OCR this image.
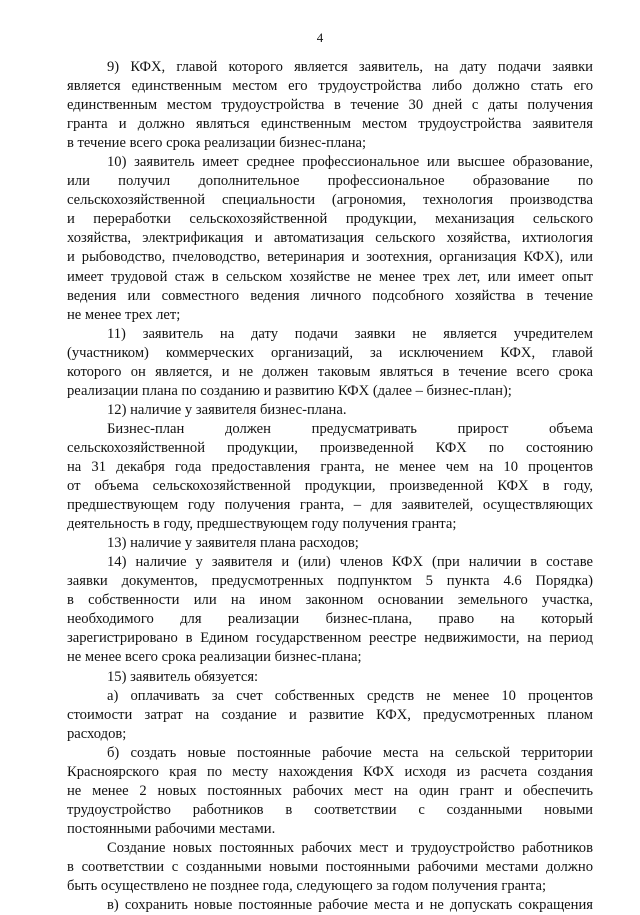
4
9) КФХ, главой которого является заявитель, на дату подачи заявки
является единственным местом его трудоустройства либо должно стать его
единственным местом трудоустройства в течение 30 дней с даты получения
гранта и должно являться единственным местом трудоустройства заявителя
в течение всего срока реализации бизнес-плана;
10) заявитель имеет среднее профессиональное или высшее образование,
или получил дополнительное профессиональное образование по
сельскохозяйственной специальности (агрономия, технология производства
и переработки сельскохозяйственной продукции, механизация сельского
хозяйства, электрификация и автоматизация сельского хозяйства, ихтиология
и рыбоводство, пчеловодство, ветеринария и зоотехния, организация КФХ), или
имеет трудовой стаж в сельском хозяйстве не менее трех лет, или имеет опыт
ведения или совместного ведения личного подсобного хозяйства в течение
не менее трех лет;
11) заявитель на дату подачи заявки не является учредителем
(участником) коммерческих организаций, за исключением КФХ, главой
которого он является, и не должен таковым являться в течение всего срока
реализации плана по созданию и развитию КФХ (далее – бизнес-план);
12) наличие у заявителя бизнес-плана.
Бизнес-план должен предусматривать прирост объема
сельскохозяйственной продукции, произведенной КФХ по состоянию
на 31 декабря года предоставления гранта, не менее чем на 10 процентов
от объема сельскохозяйственной продукции, произведенной КФХ в году,
предшествующем году получения гранта, – для заявителей, осуществляющих
деятельность в году, предшествующем году получения гранта;
13) наличие у заявителя плана расходов;
14) наличие у заявителя и (или) членов КФХ (при наличии в составе
заявки документов, предусмотренных подпунктом 5 пункта 4.6 Порядка)
в собственности или на ином законном основании земельного участка,
необходимого для реализации бизнес-плана, право на который
зарегистрировано в Едином государственном реестре недвижимости, на период
не менее всего срока реализации бизнес-плана;
15) заявитель обязуется:
а) оплачивать за счет собственных средств не менее 10 процентов
стоимости затрат на создание и развитие КФХ, предусмотренных планом
расходов;
б) создать новые постоянные рабочие места на сельской территории
Красноярского края по месту нахождения КФХ исходя из расчета создания
не менее 2 новых постоянных рабочих мест на один грант и обеспечить
трудоустройство работников в соответствии с созданными новыми
постоянными рабочими местами.
Создание новых постоянных рабочих мест и трудоустройство работников
в соответствии с созданными новыми постоянными рабочими местами должно
быть осуществлено не позднее года, следующего за годом получения гранта;
в) сохранить новые постоянные рабочие места и не допускать сокращения
